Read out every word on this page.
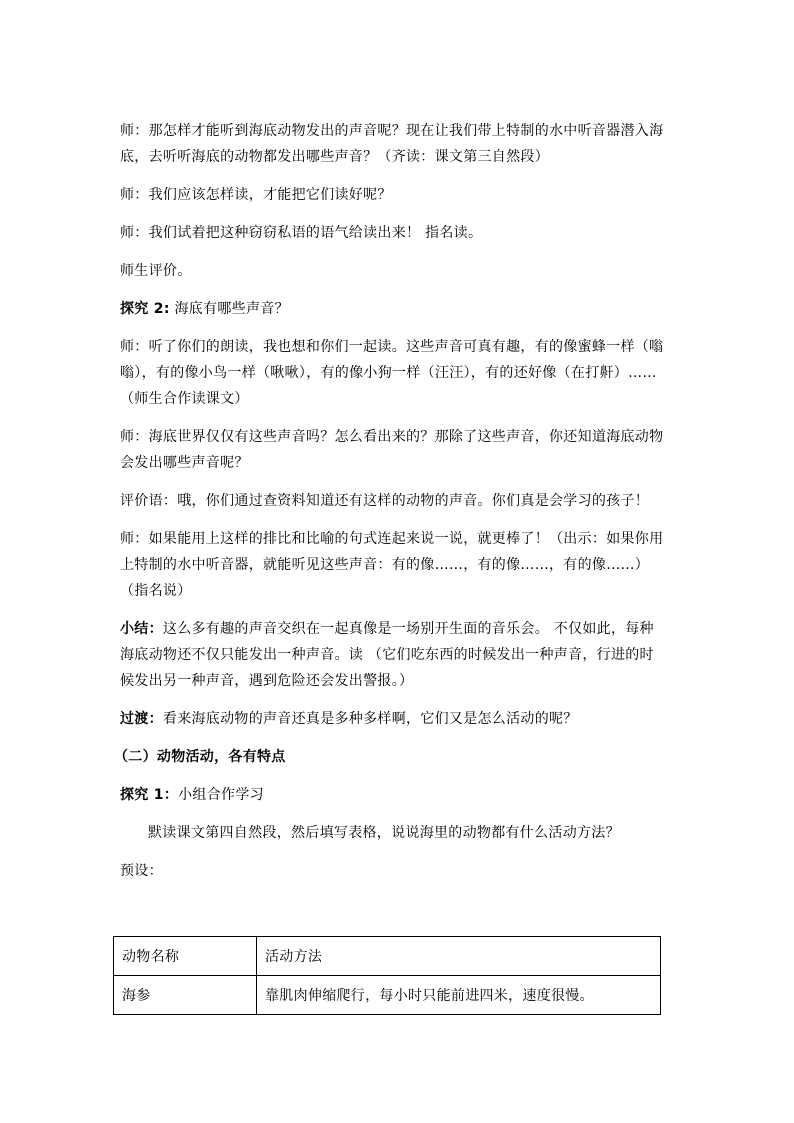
师：那怎样才能听到海底动物发出的声音呢？现在让我们带上特制的水中听音器潜入海底，去听听海底的动物都发出哪些声音？（齐读：课文第三自然段）

师：我们应该怎样读，才能把它们读好呢？

师：我们试着把这种窃窃私语的语气给读出来！ 指名读。

师生评价。

探究 2: 海底有哪些声音？

师：听了你们的朗读，我也想和你们一起读。这些声音可真有趣，有的像蜜蜂一样（嗡嗡），有的像小鸟一样（啾啾），有的像小狗一样（汪汪），有的还好像（在打鼾）……（师生合作读课文）

师：海底世界仅仅有这些声音吗？怎么看出来的？那除了这些声音，你还知道海底动物会发出哪些声音呢？

评价语：哦，你们通过查资料知道还有这样的动物的声音。你们真是会学习的孩子！

师：如果能用上这样的排比和比喻的句式连起来说一说，就更棒了！（出示：如果你用上特制的水中听音器，就能听见这些声音：有的像……，有的像……，有的像……）（指名说）

小结：这么多有趣的声音交织在一起真像是一场别开生面的音乐会。 不仅如此，每种海底动物还不仅只能发出一种声音。读 （它们吃东西的时候发出一种声音，行进的时候发出另一种声音，遇到危险还会发出警报。）

过渡：看来海底动物的声音还真是多种多样啊，它们又是怎么活动的呢？

（二）动物活动，各有特点

探究 1：小组合作学习

默读课文第四自然段，然后填写表格，说说海里的动物都有什么活动方法？

预设：

动物名称	活动方法
海参	靠肌肉伸缩爬行，每小时只能前进四米，速度很慢。
